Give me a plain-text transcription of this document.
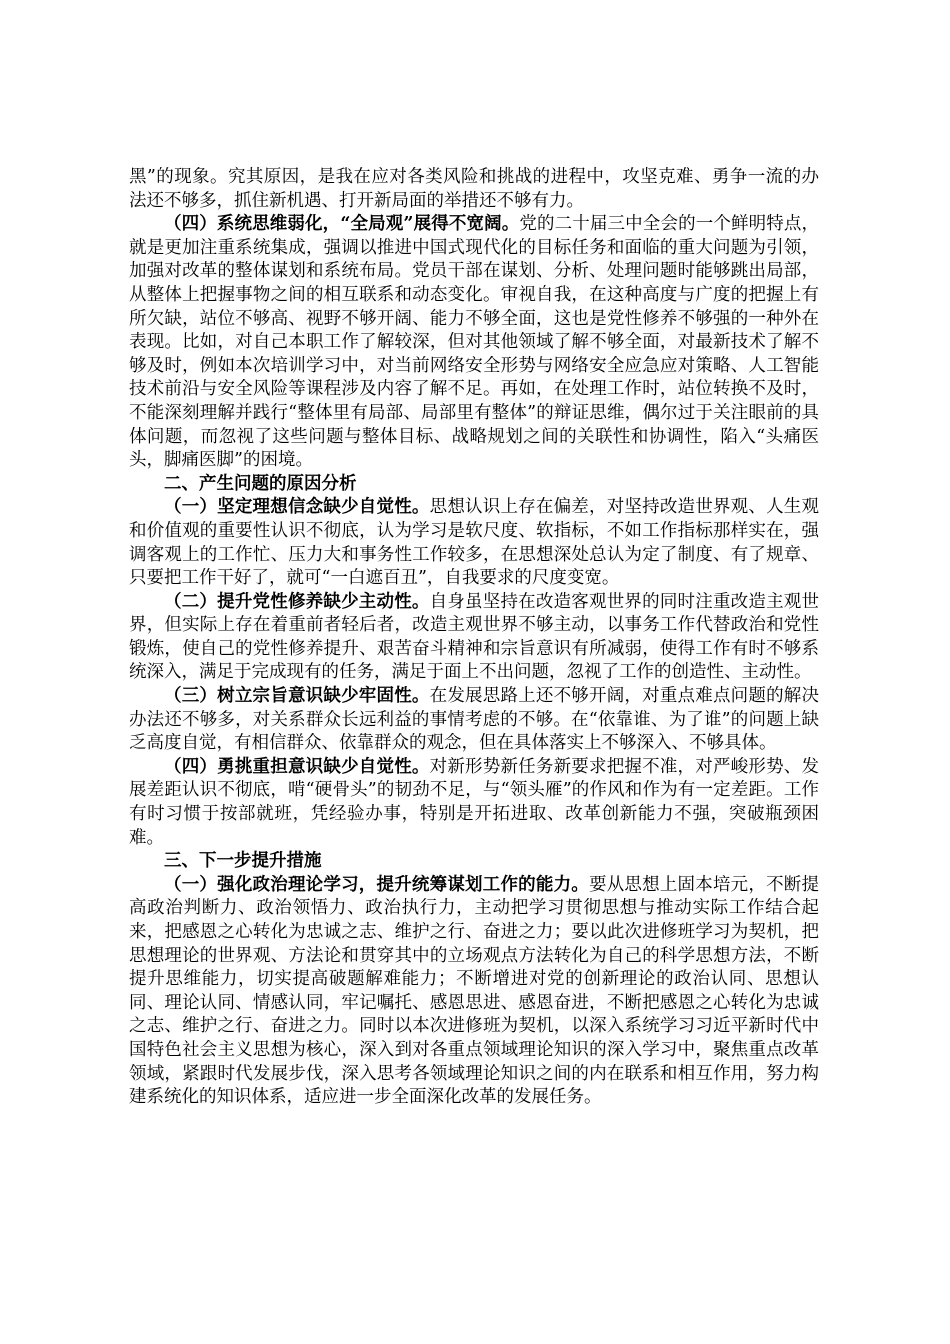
黑”的现象。究其原因，是我在应对各类风险和挑战的进程中，攻坚克难、勇争一流的办法还不够多，抓住新机遇、打开新局面的举措还不够有力。

（四）系统思维弱化，“全局观”展得不宽阔。党的二十届三中全会的一个鲜明特点，就是更加注重系统集成，强调以推进中国式现代化的目标任务和面临的重大问题为引领，加强对改革的整体谋划和系统布局。党员干部在谋划、分析、处理问题时能够跳出局部，从整体上把握事物之间的相互联系和动态变化。审视自我，在这种高度与广度的把握上有所欠缺，站位不够高、视野不够开阔、能力不够全面，这也是党性修养不够强的一种外在表现。比如，对自己本职工作了解较深，但对其他领域了解不够全面，对最新技术了解不够及时，例如本次培训学习中，对当前网络安全形势与网络安全应急应对策略、人工智能技术前沿与安全风险等课程涉及内容了解不足。再如，在处理工作时，站位转换不及时，不能深刻理解并践行“整体里有局部、局部里有整体”的辩证思维，偶尔过于关注眼前的具体问题，而忽视了这些问题与整体目标、战略规划之间的关联性和协调性，陷入“头痛医头，脚痛医脚”的困境。

二、产生问题的原因分析

（一）坚定理想信念缺少自觉性。思想认识上存在偏差，对坚持改造世界观、人生观和价值观的重要性认识不彻底，认为学习是软尺度、软指标，不如工作指标那样实在，强调客观上的工作忙、压力大和事务性工作较多，在思想深处总认为定了制度、有了规章、只要把工作干好了，就可“一白遮百丑”，自我要求的尺度变宽。

（二）提升党性修养缺少主动性。自身虽坚持在改造客观世界的同时注重改造主观世界，但实际上存在着重前者轻后者，改造主观世界不够主动，以事务工作代替政治和党性锻炼，使自己的党性修养提升、艰苦奋斗精神和宗旨意识有所减弱，使得工作有时不够系统深入，满足于完成现有的任务，满足于面上不出问题，忽视了工作的创造性、主动性。

（三）树立宗旨意识缺少牢固性。在发展思路上还不够开阔，对重点难点问题的解决办法还不够多，对关系群众长远利益的事情考虑的不够。在“依靠谁、为了谁”的问题上缺乏高度自觉，有相信群众、依靠群众的观念，但在具体落实上不够深入、不够具体。

（四）勇挑重担意识缺少自觉性。对新形势新任务新要求把握不准，对严峻形势、发展差距认识不彻底，啃“硬骨头”的韧劲不足，与“领头雁”的作风和作为有一定差距。工作有时习惯于按部就班，凭经验办事，特别是开拓进取、改革创新能力不强，突破瓶颈困难。

三、下一步提升措施

（一）强化政治理论学习，提升统筹谋划工作的能力。要从思想上固本培元，不断提高政治判断力、政治领悟力、政治执行力，主动把学习贯彻思想与推动实际工作结合起来，把感恩之心转化为忠诚之志、维护之行、奋进之力；要以此次进修班学习为契机，把思想理论的世界观、方法论和贯穿其中的立场观点方法转化为自己的科学思想方法，不断提升思维能力，切实提高破题解难能力；不断增进对党的创新理论的政治认同、思想认同、理论认同、情感认同，牢记嘱托、感恩思进、感恩奋进，不断把感恩之心转化为忠诚之志、维护之行、奋进之力。同时以本次进修班为契机，以深入系统学习习近平新时代中国特色社会主义思想为核心，深入到对各重点领域理论知识的深入学习中，聚焦重点改革领域，紧跟时代发展步伐，深入思考各领域理论知识之间的内在联系和相互作用，努力构建系统化的知识体系，适应进一步全面深化改革的发展任务。
